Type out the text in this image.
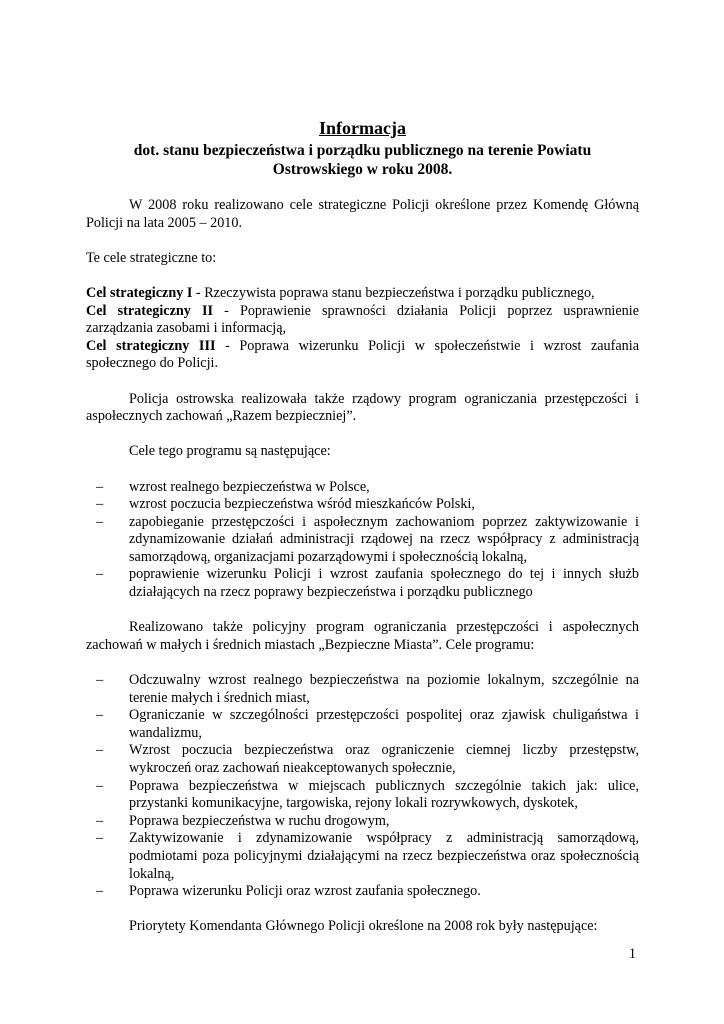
Informacja

dot. stanu bezpieczeństwa i porządku publicznego na terenie Powiatu

Ostrowskiego w roku 2008.

W 2008 roku realizowano cele strategiczne Policji określone przez Komendę Główną Policji na lata 2005 – 2010.

Te cele strategiczne to:

Cel strategiczny I - Rzeczywista poprawa stanu bezpieczeństwa i porządku publicznego,

Cel strategiczny II - Poprawienie sprawności działania Policji poprzez usprawnienie zarządzania zasobami i informacją,

Cel strategiczny III - Poprawa wizerunku Policji w społeczeństwie i wzrost zaufania społecznego do Policji.

Policja ostrowska realizowała także rządowy program ograniczania przestępczości i aspołecznych zachowań „Razem bezpieczniej”.

Cele tego programu są następujące:

– wzrost realnego bezpieczeństwa w Polsce,
– wzrost poczucia bezpieczeństwa wśród mieszkańców Polski,
– zapobieganie przestępczości i aspołecznym zachowaniom poprzez zaktywizowanie i zdynamizowanie działań administracji rządowej na rzecz współpracy z administracją samorządową, organizacjami pozarządowymi i społecznością lokalną,
– poprawienie wizerunku Policji i wzrost zaufania społecznego do tej i innych służb działających na rzecz poprawy bezpieczeństwa i porządku publicznego

Realizowano także policyjny program ograniczania przestępczości i aspołecznych zachowań w małych i średnich miastach „Bezpieczne Miasta”. Cele programu:

– Odczuwalny wzrost realnego bezpieczeństwa na poziomie lokalnym, szczególnie na terenie małych i średnich miast,
– Ograniczanie w szczególności przestępczości pospolitej oraz zjawisk chuligaństwa i wandalizmu,
– Wzrost poczucia bezpieczeństwa oraz ograniczenie ciemnej liczby przestępstw, wykroczeń oraz zachowań nieakceptowanych społecznie,
– Poprawa bezpieczeństwa w miejscach publicznych szczególnie takich jak: ulice, przystanki komunikacyjne, targowiska, rejony lokali rozrywkowych, dyskotek,
– Poprawa bezpieczeństwa w ruchu drogowym,
– Zaktywizowanie i zdynamizowanie współpracy z administracją samorządową, podmiotami poza policyjnymi działającymi na rzecz bezpieczeństwa oraz społecznością lokalną,
– Poprawa wizerunku Policji oraz wzrost zaufania społecznego.

Priorytety Komendanta Głównego Policji określone na 2008 rok były następujące:

1
